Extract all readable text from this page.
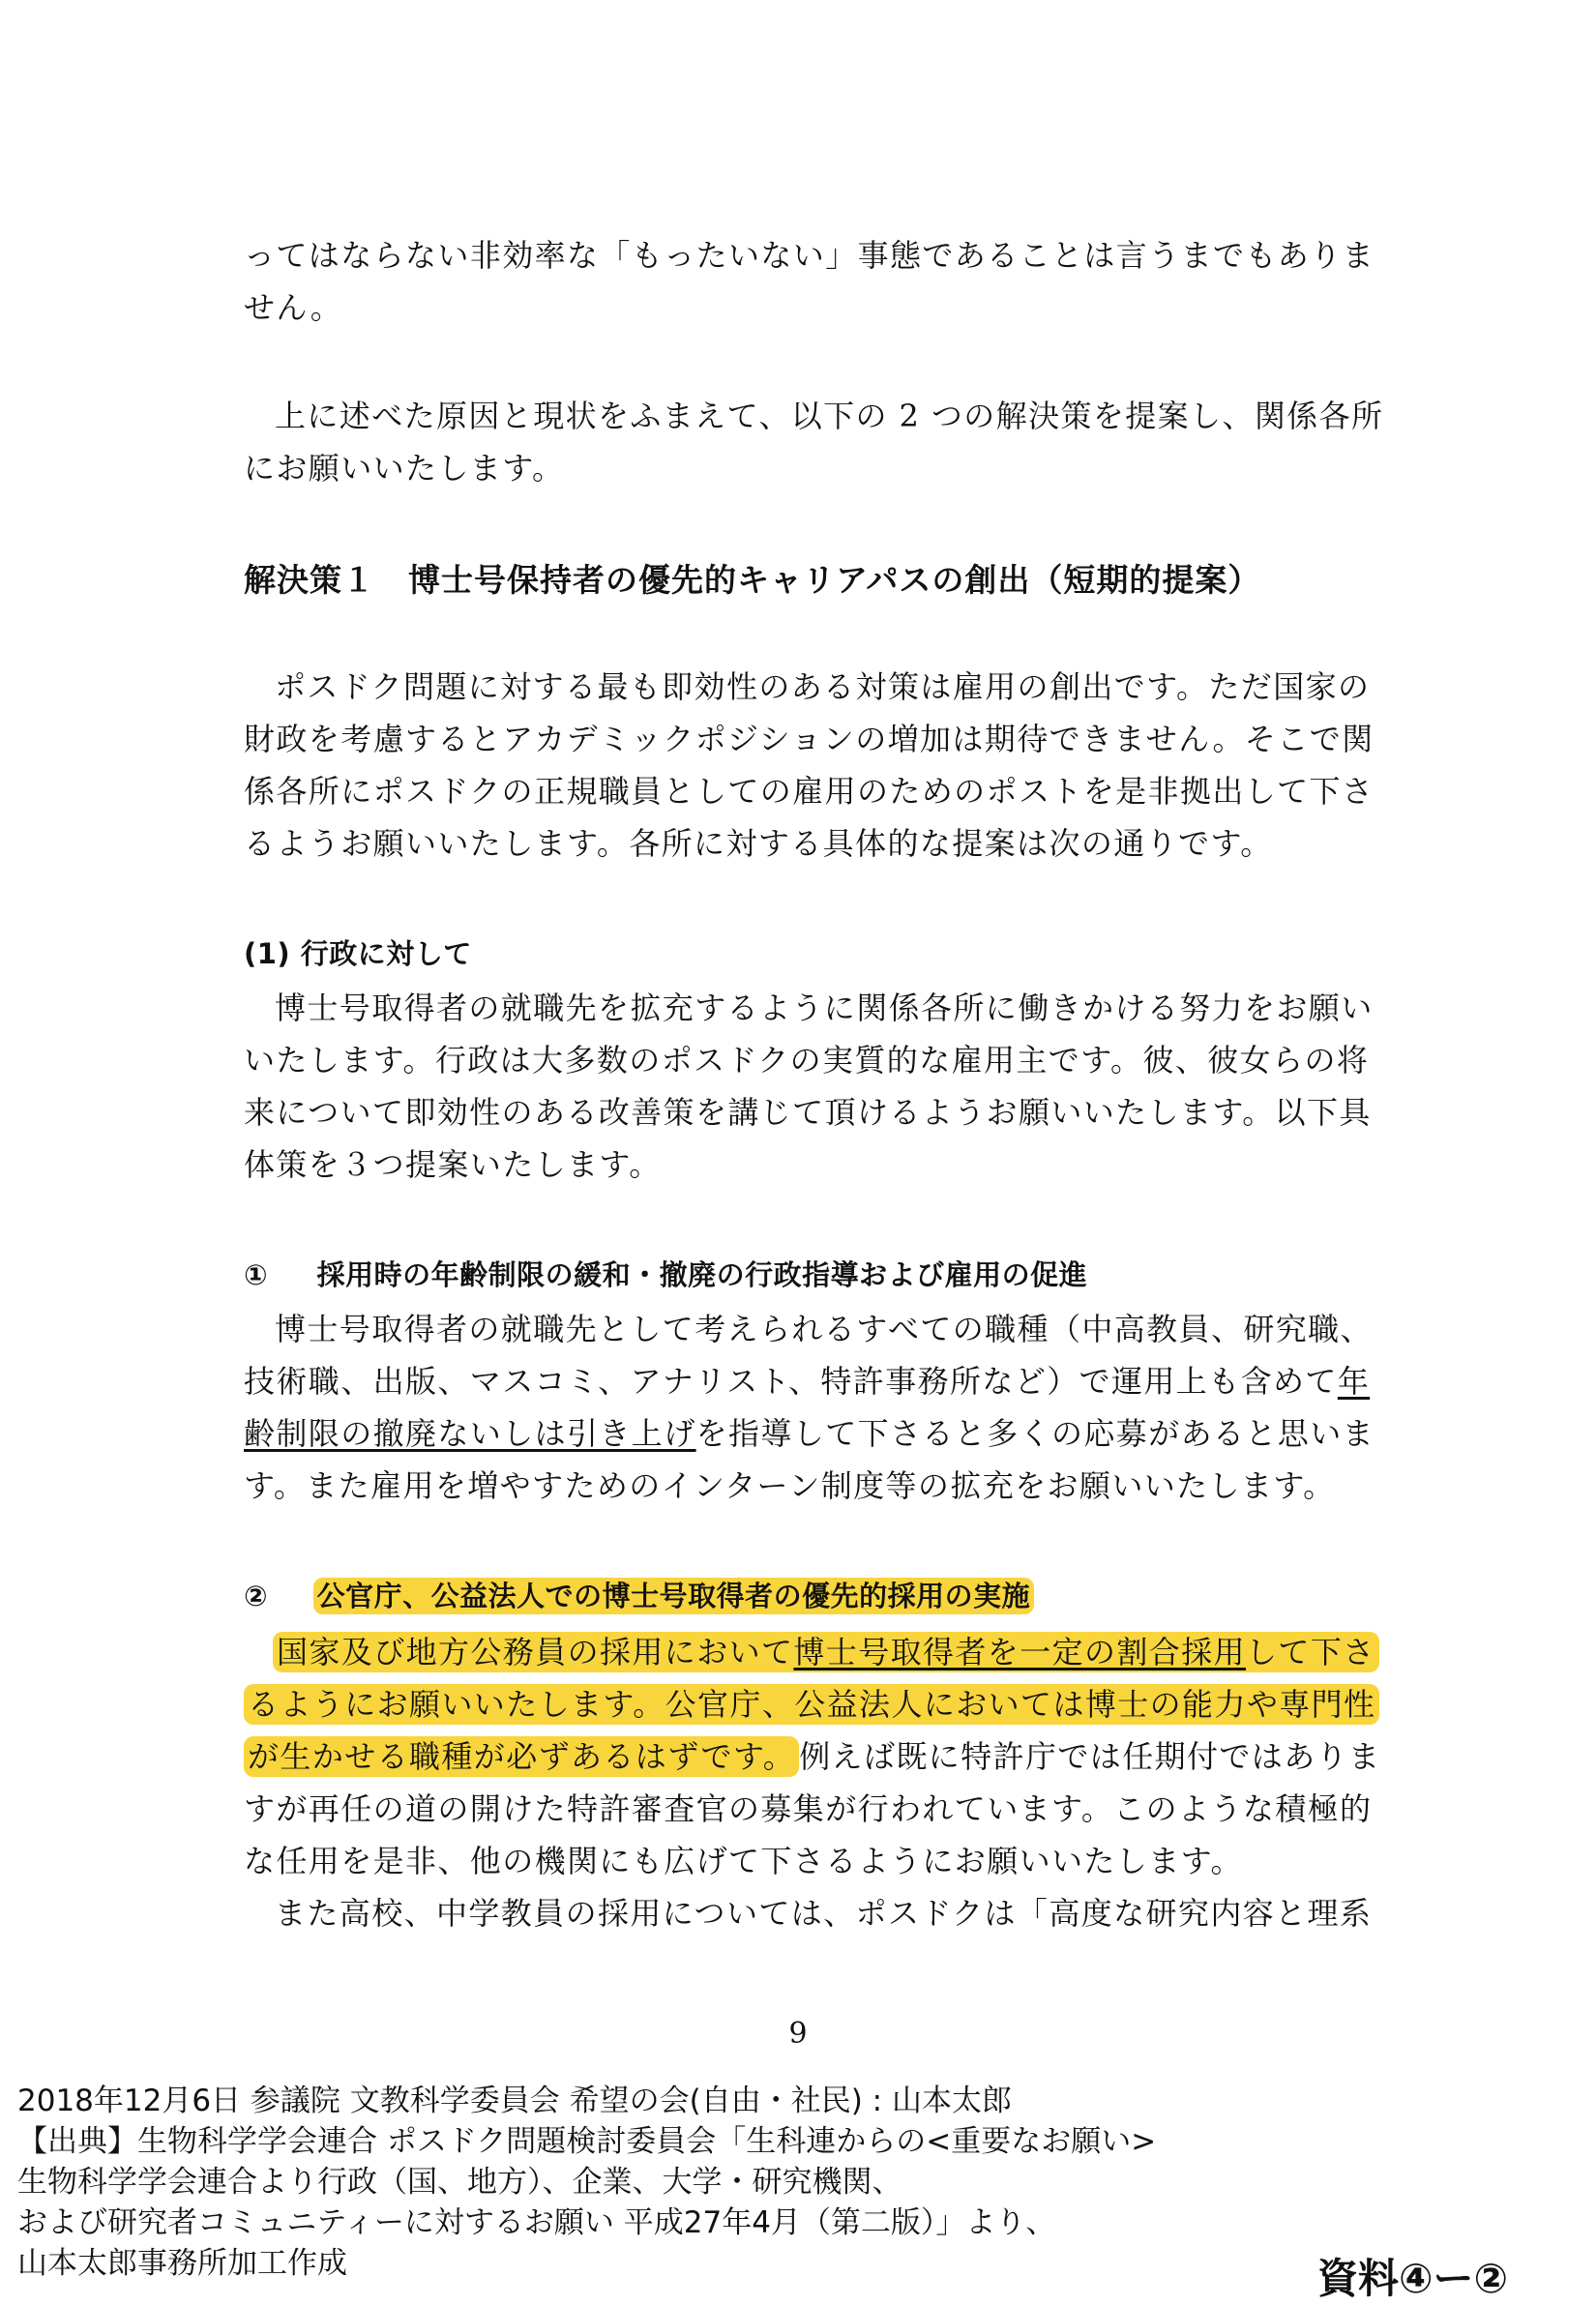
ってはならない非効率な「もったいない」事態であることは言うまでもありま
せん。
上に述べた原因と現状をふまえて、以下の 2 つの解決策を提案し、関係各所
にお願いいたします。
解決策１　博士号保持者の優先的キャリアパスの創出（短期的提案）
ポスドク問題に対する最も即効性のある対策は雇用の創出です。ただ国家の
財政を考慮するとアカデミックポジションの増加は期待できません。そこで関
係各所にポスドクの正規職員としての雇用のためのポストを是非拠出して下さ
るようお願いいたします。各所に対する具体的な提案は次の通りです。
(1) 行政に対して
博士号取得者の就職先を拡充するように関係各所に働きかける努力をお願い
いたします。行政は大多数のポスドクの実質的な雇用主です。彼、彼女らの将
来について即効性のある改善策を講じて頂けるようお願いいたします。以下具
体策を３つ提案いたします。
① 採用時の年齢制限の緩和・撤廃の行政指導および雇用の促進
博士号取得者の就職先として考えられるすべての職種（中高教員、研究職、
技術職、出版、マスコミ、アナリスト、特許事務所など）で運用上も含めて年
齢制限の撤廃ないしは引き上げを指導して下さると多くの応募があると思いま
す。また雇用を増やすためのインターン制度等の拡充をお願いいたします。
② 公官庁、公益法人での博士号取得者の優先的採用の実施
国家及び地方公務員の採用において博士号取得者を一定の割合採用して下さ
るようにお願いいたします。公官庁、公益法人においては博士の能力や専門性
が生かせる職種が必ずあるはずです。 例えば既に特許庁では任期付ではありま
すが再任の道の開けた特許審査官の募集が行われています。このような積極的
な任用を是非、他の機関にも広げて下さるようにお願いいたします。
また高校、中学教員の採用については、ポスドクは「高度な研究内容と理系
9
2018年12月6日 参議院 文教科学委員会 希望の会(自由・社民) : 山本太郎
【出典】生物科学学会連合 ポスドク問題検討委員会「生科連からの<重要なお願い>
生物科学学会連合より行政（国、地方）、企業、大学・研究機関、
および研究者コミュニティーに対するお願い 平成27年4月（第二版）」より、
山本太郎事務所加工作成	資料④ー②
